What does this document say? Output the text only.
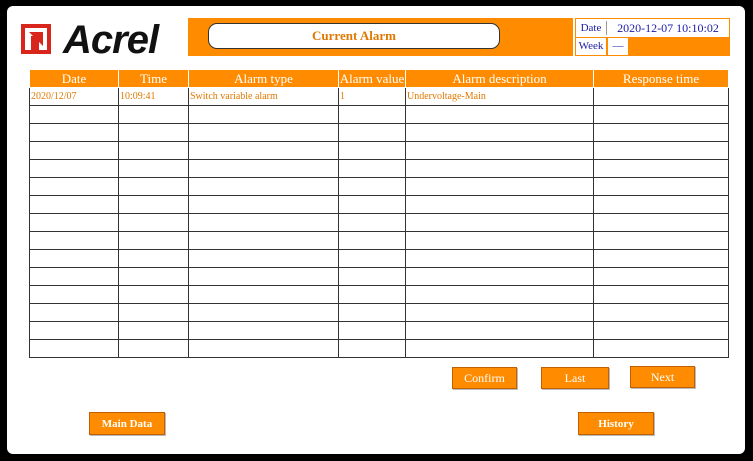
Acrel	Current Alarm	Date	2020-12-07 10:10:02
Week —
Date	Time	Alarm type	Alarm value	Alarm description	Response time
2020/12/07	10:09:41	Switch variable alarm	1	Undervoltage-Main	

Confirm	Last	Next
Main Data	History
